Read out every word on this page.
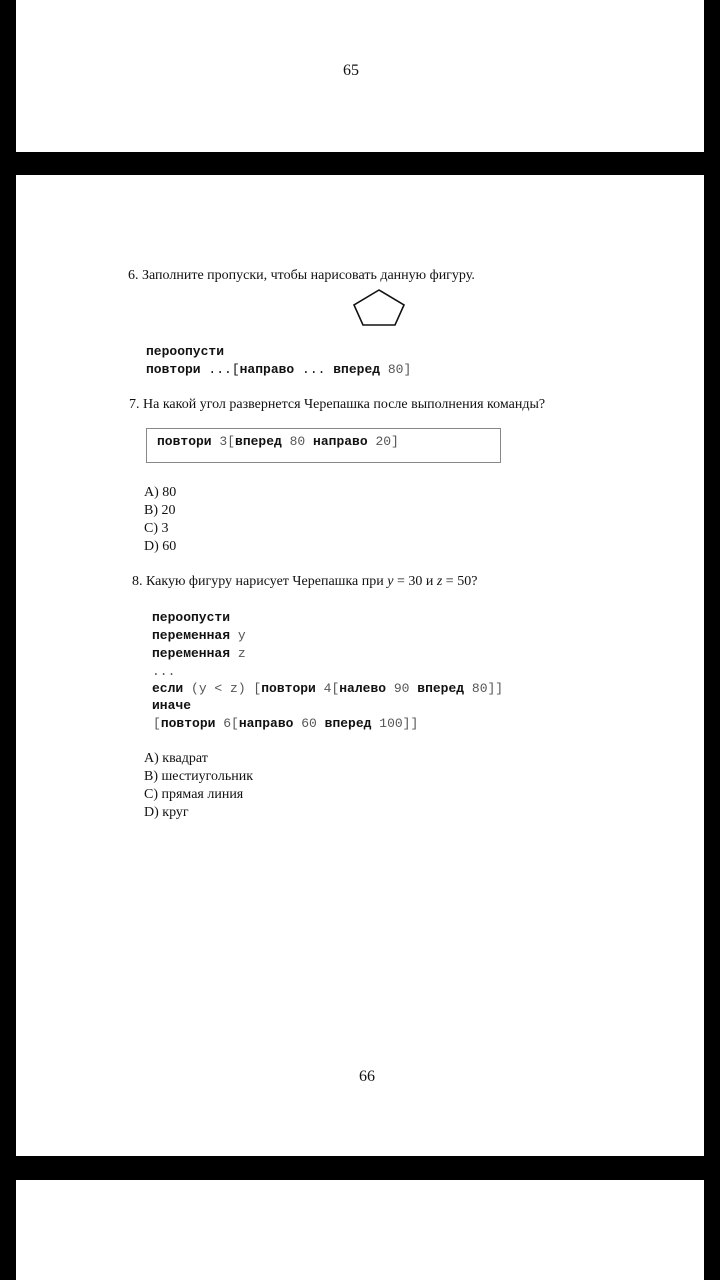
65
6. Заполните пропуски, чтобы нарисовать данную фигуру.
пероопусти
повтори ...[направо ... вперед 80]
7. На какой угол развернется Черепашка после выполнения команды?
повтори 3[вперед 80 направо 20]
A) 80
B) 20
C) 3
D) 60
8. Какую фигуру нарисует Черепашка при y = 30 и z = 50?
пероопусти
переменная y
переменная z
...
если (y < z) [повтори 4[налево 90 вперед 80]]
иначе
[повтори 6[направо 60 вперед 100]]
A) квадрат
B) шестиугольник
C) прямая линия
D) круг
66
